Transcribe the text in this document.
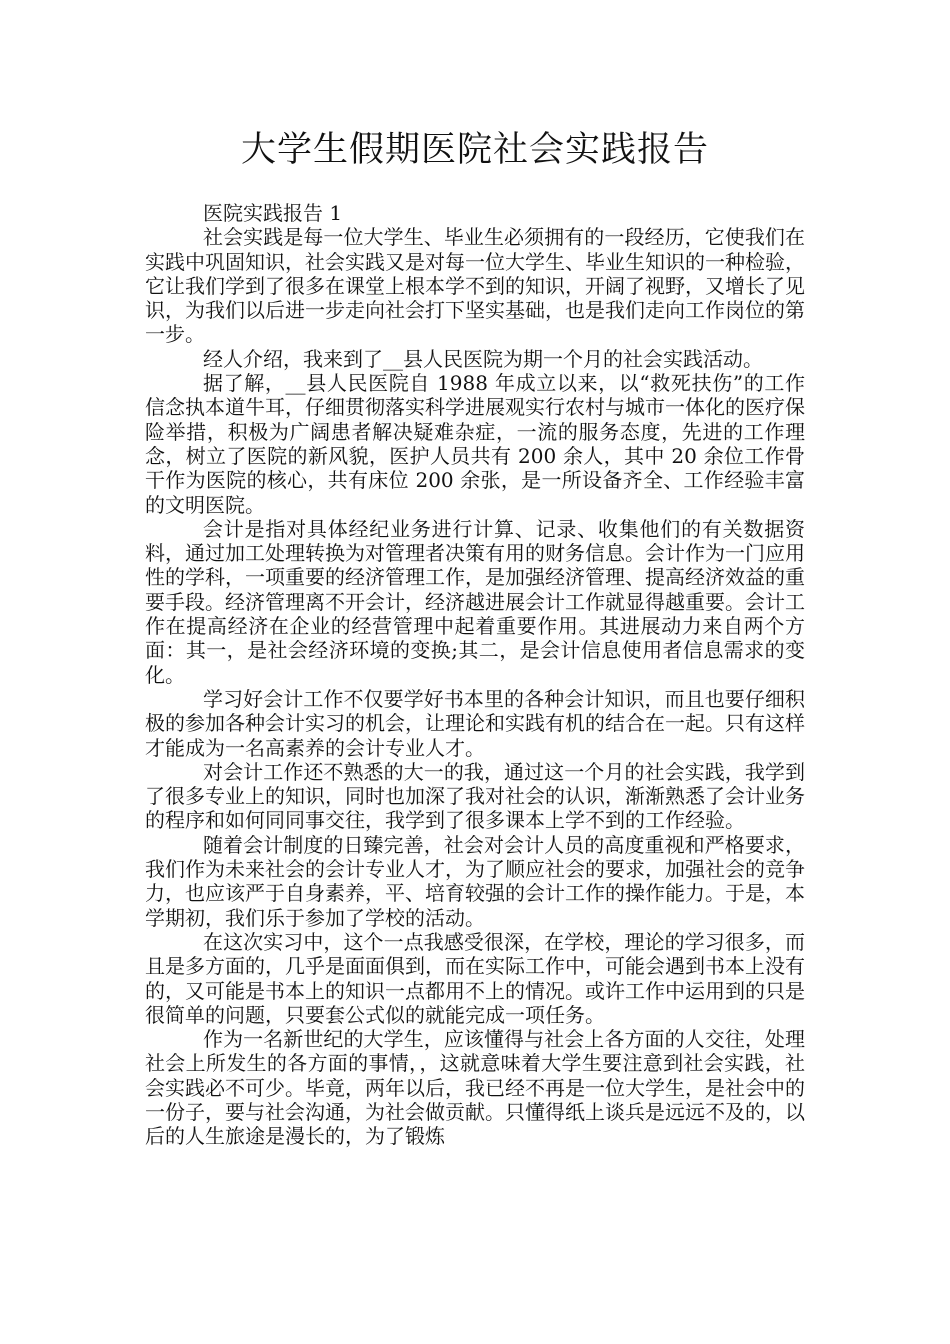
大学生假期医院社会实践报告

医院实践报告 1

社会实践是每一位大学生、毕业生必须拥有的一段经历，它使我们在实践中巩固知识，社会实践又是对每一位大学生、毕业生知识的一种检验，它让我们学到了很多在课堂上根本学不到的知识，开阔了视野，又增长了见识，为我们以后进一步走向社会打下坚实基础，也是我们走向工作岗位的第一步。

经人介绍，我来到了__县人民医院为期一个月的社会实践活动。

据了解，__县人民医院自 1988 年成立以来，以“救死扶伤”的工作信念执本道牛耳，仔细贯彻落实科学进展观实行农村与城市一体化的医疗保险举措，积极为广阔患者解决疑难杂症，一流的服务态度，先进的工作理念，树立了医院的新风貌，医护人员共有 200 余人，其中 20 余位工作骨干作为医院的核心，共有床位 200 余张，是一所设备齐全、工作经验丰富的文明医院。

会计是指对具体经纪业务进行计算、记录、收集他们的有关数据资料，通过加工处理转换为对管理者决策有用的财务信息。会计作为一门应用性的学科，一项重要的经济管理工作，是加强经济管理、提高经济效益的重要手段。经济管理离不开会计，经济越进展会计工作就显得越重要。会计工作在提高经济在企业的经营管理中起着重要作用。其进展动力来自两个方面：其一，是社会经济环境的变换;其二，是会计信息使用者信息需求的变化。

学习好会计工作不仅要学好书本里的各种会计知识，而且也要仔细积极的参加各种会计实习的机会，让理论和实践有机的结合在一起。只有这样才能成为一名高素养的会计专业人才。

对会计工作还不熟悉的大一的我，通过这一个月的社会实践，我学到了很多专业上的知识，同时也加深了我对社会的认识，渐渐熟悉了会计业务的程序和如何同同事交往，我学到了很多课本上学不到的工作经验。

随着会计制度的日臻完善，社会对会计人员的高度重视和严格要求，我们作为未来社会的会计专业人才，为了顺应社会的要求，加强社会的竞争力，也应该严于自身素养，平、培育较强的会计工作的操作能力。于是，本学期初，我们乐于参加了学校的活动。

在这次实习中，这个一点我感受很深，在学校，理论的学习很多，而且是多方面的，几乎是面面俱到，而在实际工作中，可能会遇到书本上没有的，又可能是书本上的知识一点都用不上的情况。或许工作中运用到的只是很简单的问题，只要套公式似的就能完成一项任务。

作为一名新世纪的大学生，应该懂得与社会上各方面的人交往，处理社会上所发生的各方面的事情，，这就意味着大学生要注意到社会实践，社会实践必不可少。毕竟，两年以后，我已经不再是一位大学生，是社会中的一份子，要与社会沟通，为社会做贡献。只懂得纸上谈兵是远远不及的，以后的人生旅途是漫长的，为了锻炼
